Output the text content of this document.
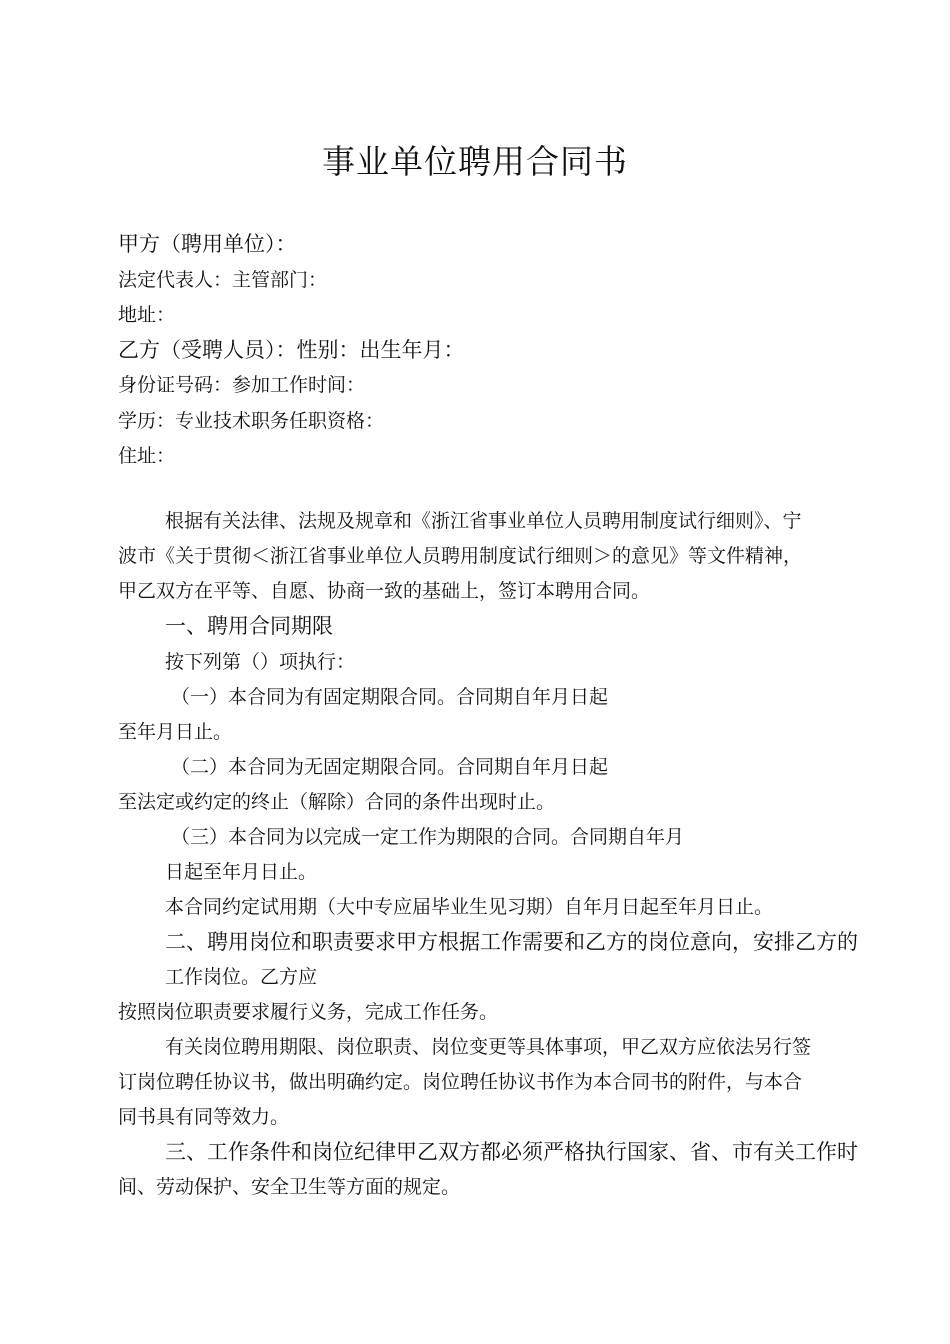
事业单位聘用合同书

甲方（聘用单位）：

法定代表人：主管部门：

地址：

乙方（受聘人员）：性别：出生年月：

身份证号码：参加工作时间：

学历：专业技术职务任职资格：

住址：

根据有关法律、法规及规章和《浙江省事业单位人员聘用制度试行细则》、宁

波市《关于贯彻＜浙江省事业单位人员聘用制度试行细则＞的意见》等文件精神，

甲乙双方在平等、自愿、协商一致的基础上，签订本聘用合同。

一、聘用合同期限

按下列第（）项执行：

（一）本合同为有固定期限合同。合同期自年月日起

至年月日止。

（二）本合同为无固定期限合同。合同期自年月日起

至法定或约定的终止（解除）合同的条件出现时止。

（三）本合同为以完成一定工作为期限的合同。合同期自年月

日起至年月日止。

本合同约定试用期（大中专应届毕业生见习期）自年月日起至年月日止。

二、聘用岗位和职责要求甲方根据工作需要和乙方的岗位意向，安排乙方的

工作岗位。乙方应

按照岗位职责要求履行义务，完成工作任务。

有关岗位聘用期限、岗位职责、岗位变更等具体事项，甲乙双方应依法另行签

订岗位聘任协议书，做出明确约定。岗位聘任协议书作为本合同书的附件，与本合

同书具有同等效力。

三、工作条件和岗位纪律甲乙双方都必须严格执行国家、省、市有关工作时

间、劳动保护、安全卫生等方面的规定。
